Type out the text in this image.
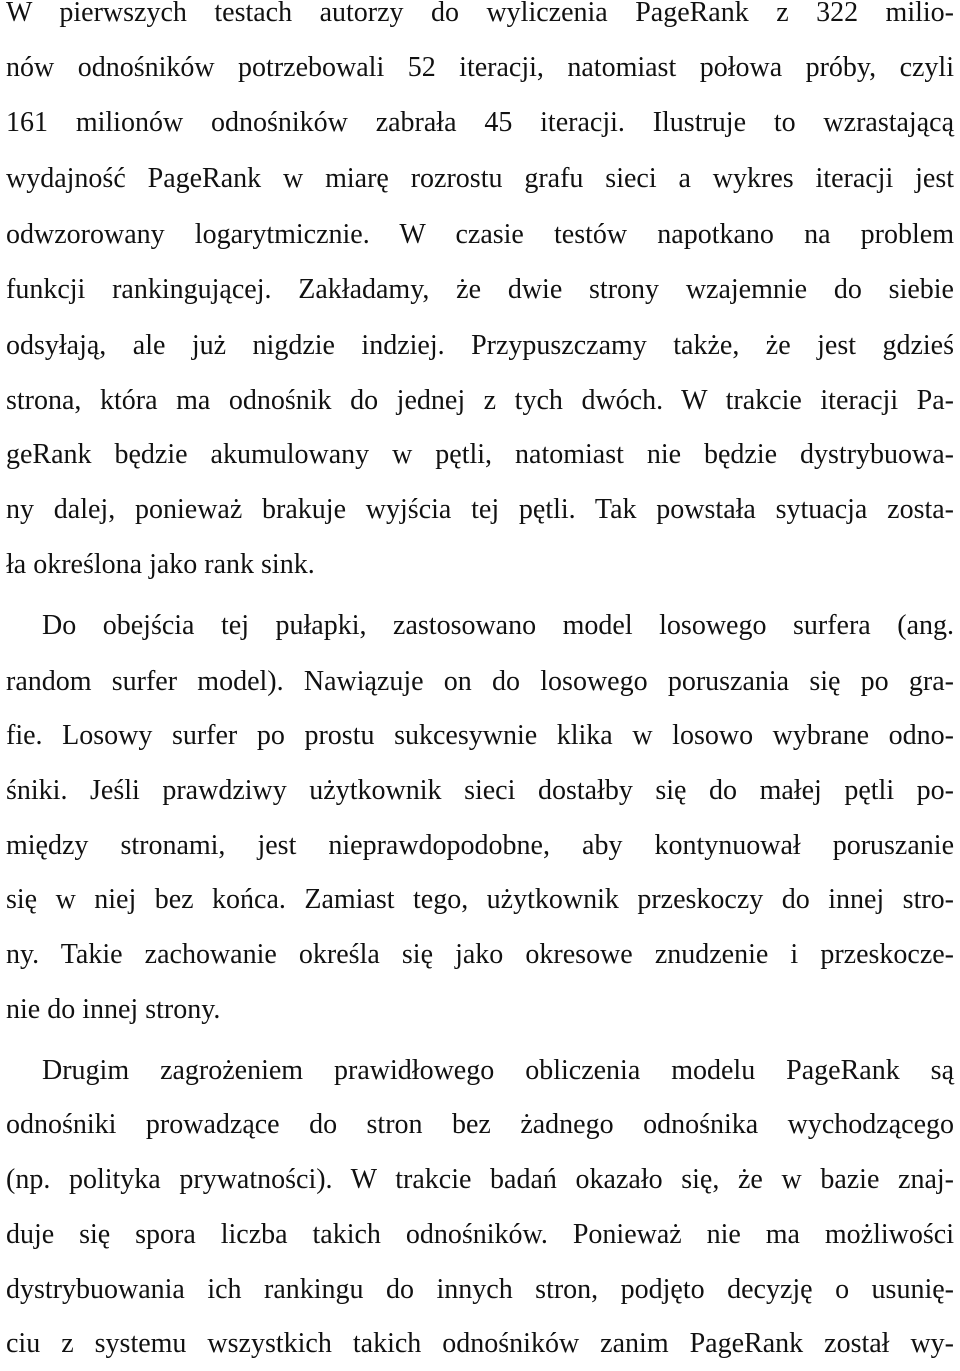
W pierwszych testach autorzy do wyliczenia PageRank z 322 milio-
nów odnośników potrzebowali 52 iteracji, natomiast połowa próby, czyli
161 milionów odnośników zabrała 45 iteracji. Ilustruje to wzrastającą
wydajność PageRank w miarę rozrostu grafu sieci a wykres iteracji jest
odwzorowany logarytmicznie. W czasie testów napotkano na problem
funkcji rankingującej. Zakładamy, że dwie strony wzajemnie do siebie
odsyłają, ale już nigdzie indziej. Przypuszczamy także, że jest gdzieś
strona, która ma odnośnik do jednej z tych dwóch. W trakcie iteracji Pa-
geRank będzie akumulowany w pętli, natomiast nie będzie dystrybuowa-
ny dalej, ponieważ brakuje wyjścia tej pętli. Tak powstała sytuacja zosta-
ła określona jako rank sink.
Do obejścia tej pułapki, zastosowano model losowego surfera (ang.
random surfer model). Nawiązuje on do losowego poruszania się po gra-
fie. Losowy surfer po prostu sukcesywnie klika w losowo wybrane odno-
śniki. Jeśli prawdziwy użytkownik sieci dostałby się do małej pętli po-
między stronami, jest nieprawdopodobne, aby kontynuował poruszanie
się w niej bez końca. Zamiast tego, użytkownik przeskoczy do innej stro-
ny. Takie zachowanie określa się jako okresowe znudzenie i przeskocze-
nie do innej strony.
Drugim zagrożeniem prawidłowego obliczenia modelu PageRank są
odnośniki prowadzące do stron bez żadnego odnośnika wychodzącego
(np. polityka prywatności). W trakcie badań okazało się, że w bazie znaj-
duje się spora liczba takich odnośników. Ponieważ nie ma możliwości
dystrybuowania ich rankingu do innych stron, podjęto decyzję o usunię-
ciu z systemu wszystkich takich odnośników zanim PageRank został wy-
